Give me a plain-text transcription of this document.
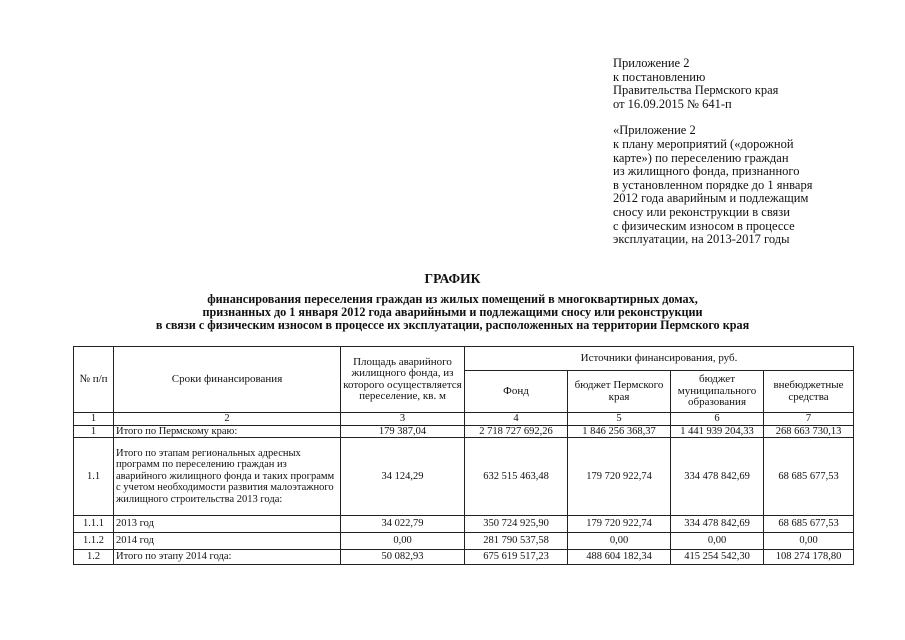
Приложение 2
к постановлению
Правительства Пермского края
от 16.09.2015 № 641-п
«Приложение 2
к плану мероприятий («дорожной
карте») по переселению граждан
из жилищного фонда, признанного
в установленном порядке до 1 января
2012 года аварийным и подлежащим
сносу или реконструкции в связи
с физическим износом в процессе
эксплуатации, на 2013-2017 годы
ГРАФИК
финансирования переселения граждан из жилых помещений в многоквартирных домах,
признанных до 1 января 2012 года аварийными и подлежащими сносу или реконструкции
в связи с физическим износом в процессе их эксплуатации, расположенных на территории Пермского края
№ п/п	Сроки финансирования	Площадь аварийного жилищного фонда, из которого осуществляется переселение, кв. м	Источники финансирования, руб.			
			Фонд	бюджет Пермского края	бюджет муниципального образования	внебюджетные средства
1	2	3	4	5	6	7
1	Итого по Пермскому краю:	179 387,04	2 718 727 692,26	1 846 256 368,37	1 441 939 204,33	268 663 730,13
1.1	Итого по этапам региональных адресных программ по переселению граждан из аварийного жилищного фонда и таких программ с учетом необходимости развития малоэтажного жилищного строительства 2013 года:	34 124,29	632 515 463,48	179 720 922,74	334 478 842,69	68 685 677,53
1.1.1	2013 год	34 022,79	350 724 925,90	179 720 922,74	334 478 842,69	68 685 677,53
1.1.2	2014 год	0,00	281 790 537,58	0,00	0,00	0,00
1.2	Итого по этапу 2014 года:	50 082,93	675 619 517,23	488 604 182,34	415 254 542,30	108 274 178,80
